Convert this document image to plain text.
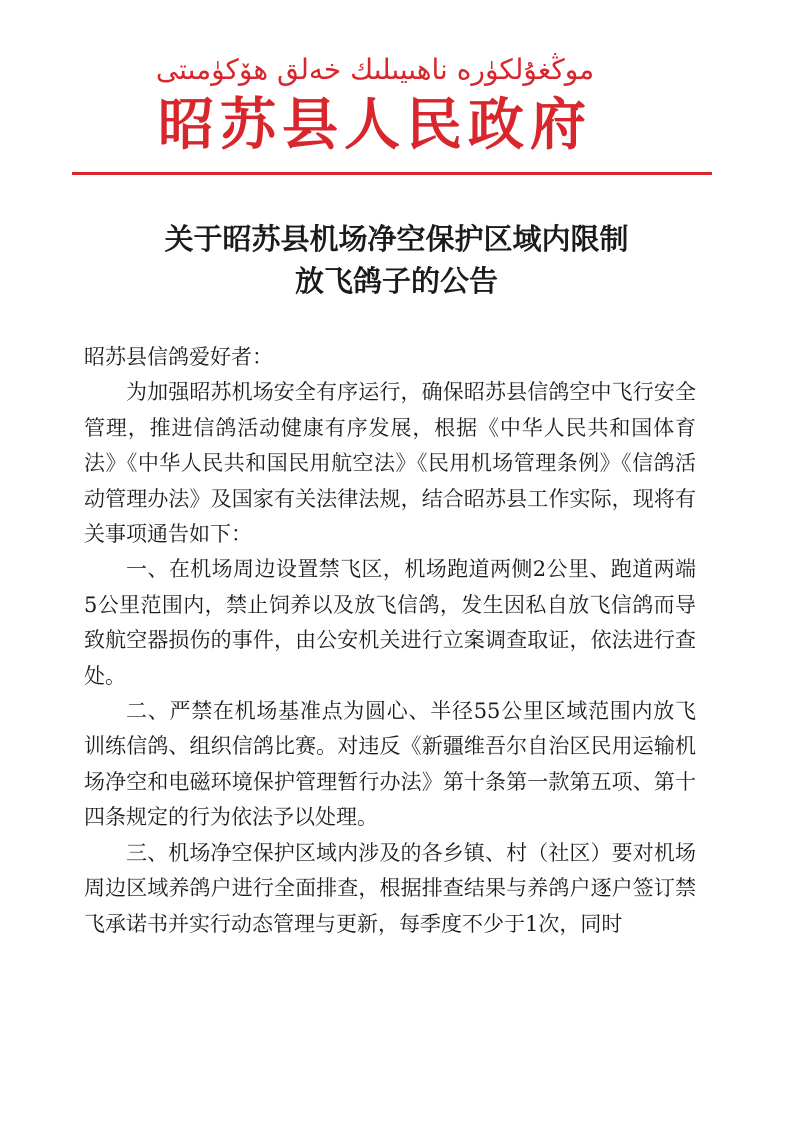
موڭغۇلكۈرە ناھىيىلىك خەلق ھۆكۈمىتى
昭苏县人民政府
关于昭苏县机场净空保护区域内限制
放飞鸽子的公告

昭苏县信鸽爱好者：

为加强昭苏机场安全有序运行，确保昭苏县信鸽空中飞行安全管理，推进信鸽活动健康有序发展，根据《中华人民共和国体育法》《中华人民共和国民用航空法》《民用机场管理条例》《信鸽活动管理办法》及国家有关法律法规，结合昭苏县工作实际，现将有关事项通告如下：

一、在机场周边设置禁飞区，机场跑道两侧2公里、跑道两端5公里范围内，禁止饲养以及放飞信鸽，发生因私自放飞信鸽而导致航空器损伤的事件，由公安机关进行立案调查取证，依法进行查处。

二、严禁在机场基准点为圆心、半径55公里区域范围内放飞训练信鸽、组织信鸽比赛。对违反《新疆维吾尔自治区民用运输机场净空和电磁环境保护管理暂行办法》第十条第一款第五项、第十四条规定的行为依法予以处理。

三、机场净空保护区域内涉及的各乡镇、村（社区）要对机场周边区域养鸽户进行全面排查，根据排查结果与养鸽户逐户签订禁飞承诺书并实行动态管理与更新，每季度不少于1次，同时
